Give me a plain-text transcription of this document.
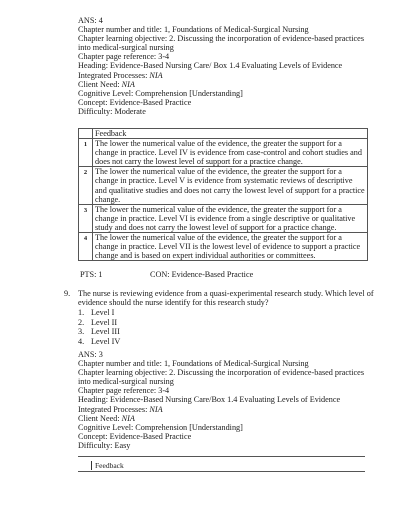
ANS: 4
Chapter number and title: 1, Foundations of Medical-Surgical Nursing
Chapter learning objective: 2. Discussing the incorporation of evidence-based practices into medical-surgical nursing
Chapter page reference: 3-4
Heading: Evidence-Based Nursing Care/ Box 1.4 Evaluating Levels of Evidence
Integrated Processes: NIA
Client Need: NIA
Cognitive Level: Comprehension [Understanding]
Concept: Evidence-Based Practice
Difficulty: Moderate
	Feedback
1	The lower the numerical value of the evidence, the greater the support for a change in practice. Level IV is evidence from case-control and cohort studies and does not carry the lowest level of support for a practice change.
2	The lower the numerical value of the evidence, the greater the support for a change in practice. Level V is evidence from systematic reviews of descriptive and qualitative studies and does not carry the lowest level of support for a practice change.
3	The lower the numerical value of the evidence, the greater the support for a change in practice. Level VI is evidence from a single descriptive or qualitative study and does not carry the lowest level of support for a practice change.
4	The lower the numerical value of the evidence, the greater the support for a change in practice. Level VII is the lowest level of evidence to support a practice change and is based on expert individual authorities or committees.
PTS: 1	CON: Evidence-Based Practice
9. The nurse is reviewing evidence from a quasi-experimental research study. Which level of evidence should the nurse identify for this research study?
1. Level I
2. Level II
3. Level III
4. Level IV
ANS: 3
Chapter number and title: 1, Foundations of Medical-Surgical Nursing
Chapter learning objective: 2. Discussing the incorporation of evidence-based practices into medical-surgical nursing
Chapter page reference: 3-4
Heading: Evidence-Based Nursing Care/Box 1.4 Evaluating Levels of Evidence
Integrated Processes: NIA
Client Need: NIA
Cognitive Level: Comprehension [Understanding]
Concept: Evidence-Based Practice
Difficulty: Easy
Feedback
